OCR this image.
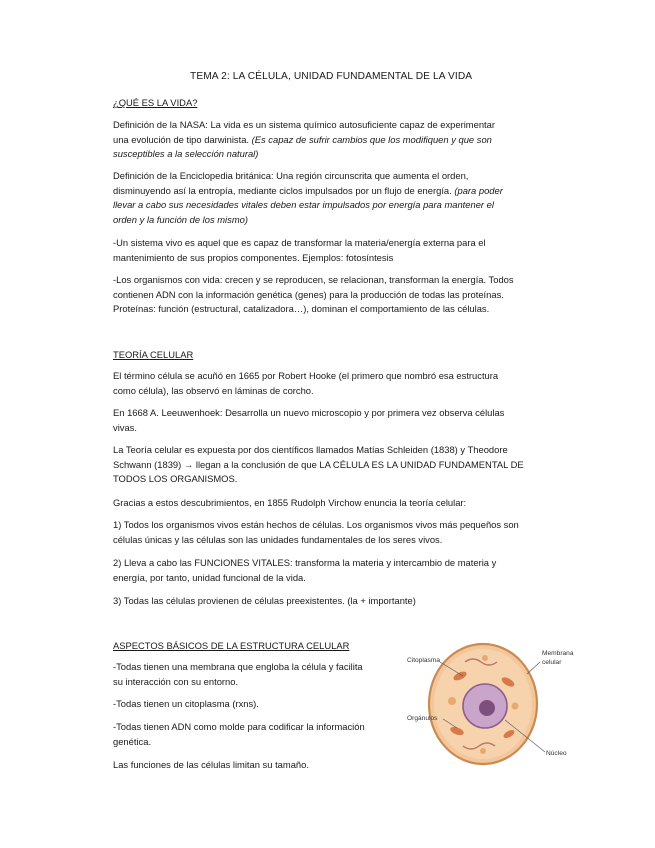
TEMA 2: LA CÉLULA, UNIDAD FUNDAMENTAL DE LA VIDA
¿QUÉ ES LA VIDA?
Definición de la NASA: La vida es un sistema químico autosuficiente capaz de experimentar
una evolución de tipo darwinista. (Es capaz de sufrir cambios que los modifiquen y que son
susceptibles a la selección natural)
Definición de la Enciclopedia británica: Una región circunscrita que aumenta el orden,
disminuyendo así la entropía, mediante ciclos impulsados por un flujo de energía. (para poder
llevar a cabo sus necesidades vitales deben estar impulsados por energía para mantener el
orden y la función de los mismo)
-Un sistema vivo es aquel que es capaz de transformar la materia/energía externa para el
mantenimiento de sus propios componentes. Ejemplos: fotosíntesis
-Los organismos con vida: crecen y se reproducen, se relacionan, transforman la energía. Todos
contienen ADN con la información genética (genes) para la producción de todas las proteínas.
Proteínas: función (estructural, catalizadora…), dominan el comportamiento de las células.
TEORÍA CELULAR
El término célula se acuñó en 1665 por Robert Hooke (el primero que nombró esa estructura
como célula), las observó en láminas de corcho.
En 1668 A. Leeuwenhoek: Desarrolla un nuevo microscopio y por primera vez observa células
vivas.
La Teoría celular es expuesta por dos científicos llamados Matías Schleiden (1838) y Theodore
Schwann (1839) → llegan a la conclusión de que LA CÉLULA ES LA UNIDAD FUNDAMENTAL DE
TODOS LOS ORGANISMOS.
Gracias a estos descubrimientos, en 1855 Rudolph Virchow enuncia la teoría celular:
1) Todos los organismos vivos están hechos de células. Los organismos vivos más pequeños son
células únicas y las células son las unidades fundamentales de los seres vivos.
2) Lleva a cabo las FUNCIONES VITALES: transforma la materia y intercambio de materia y
energía, por tanto, unidad funcional de la vida.
3) Todas las células provienen de células preexistentes. (la + importante)
ASPECTOS BÁSICOS DE LA ESTRUCTURA CELULAR
-Todas tienen una membrana que engloba la célula y facilita
su interacción con su entorno.
-Todas tienen un citoplasma (rxns).
-Todas tienen ADN como molde para codificar la información
genética.
Las funciones de las células limitan su tamaño.
Citoplasma
Membrana
celular
Orgánulos
Núcleo
